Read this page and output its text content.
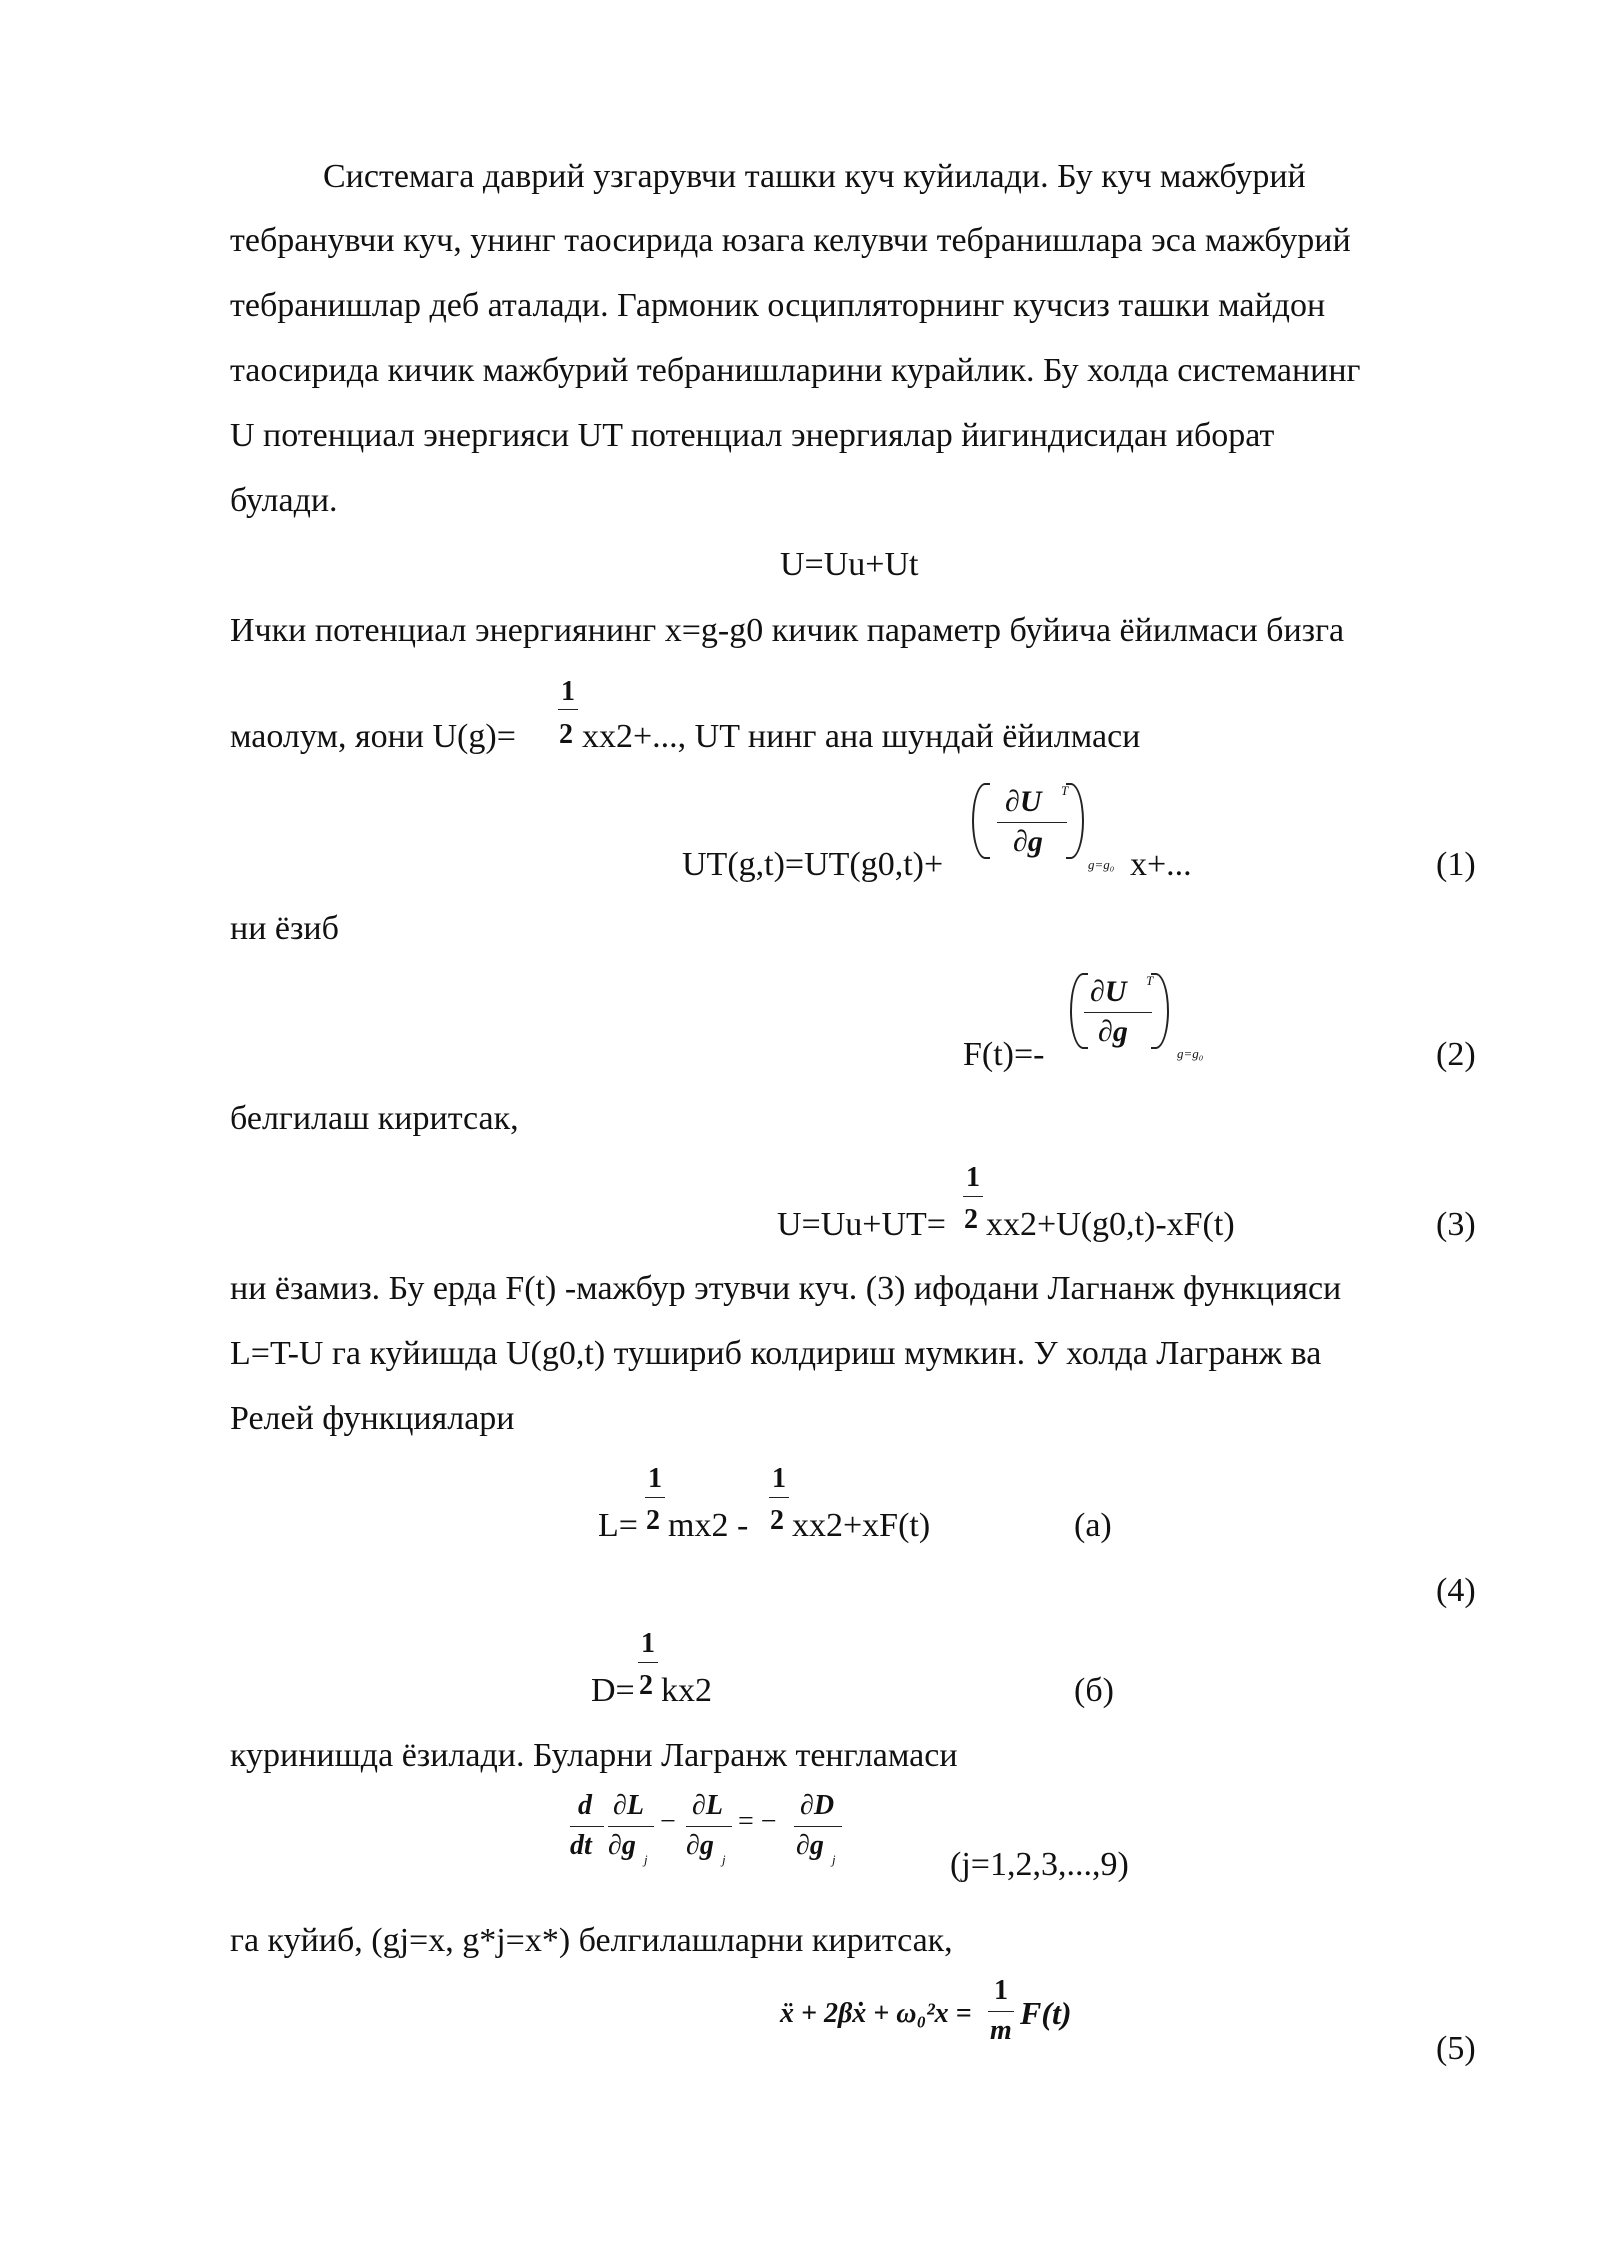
Системага даврий узгарувчи ташки куч куйилади. Бу куч мажбурий
тебранувчи куч, унинг таосирида юзага келувчи тебранишлара эса мажбурий
тебранишлар деб аталади. Гармоник осципляторнинг кучсиз ташки майдон
таосирида кичик мажбурий тебранишларини курайлик. Бу холда системанинг
U потенциал энергияси UT потенциал энергиялар йигиндисидан иборат
булади.
U=Uu+Ut
Ички потенциал энергиянинг x=g-g0 кичик параметр буйича ёйилмаси бизга
маолум, яони U(g)=
1
2 xx2+..., UT нинг ана шундай ёйилмаси
UT(g,t)=UT(g0,t)+
∂U T
∂g
g=g₀ x+...	(1)
ни ёзиб
F(t)=-
∂U T
∂g
g=g₀	(2)
белгилаш киритсак,
U=Uu+UT=
1
2 xx2+U(g0,t)-xF(t)	(3)
ни ёзамиз. Бу ерда F(t) -мажбур этувчи куч. (3) ифодани Лагнанж функцияси
L=T-U га куйишда U(g0,t) тушириб колдириш мумкин. У холда Лагранж ва
Релей функциялари
L=
1
2 mx2 -
1
2 xx2+xF(t)	(a)
(4)
D=
1
2 kx2	(б)
куринишда ёзилади. Буларни Лагранж тенгламаси
d
dt
∂L
∂g j
−
∂L
∂g j
= −
∂D
∂g j	(j=1,2,3,...,9)
га куйиб, (gj=x, g*j=x*) белгилашларни киритсак,
ẍ + 2βẋ + ω₀²x =
1
m F(t)
(5)
